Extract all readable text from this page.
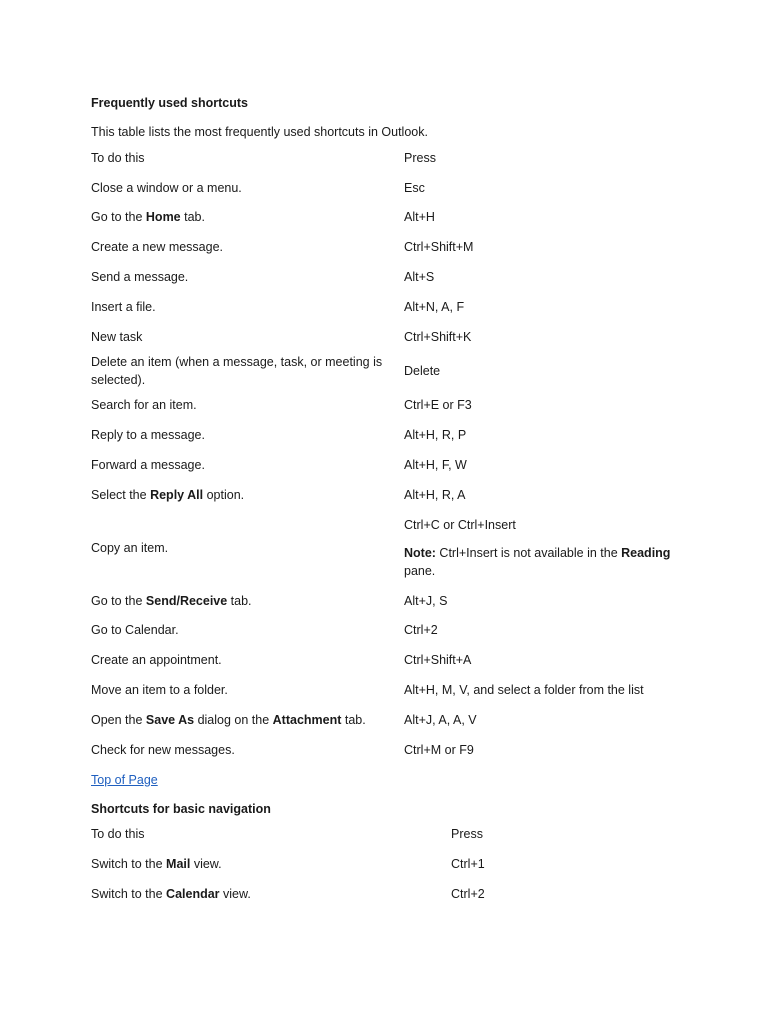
Frequently used shortcuts
This table lists the most frequently used shortcuts in Outlook.
To do this	Press
Close a window or a menu.	Esc
Go to the Home tab.	Alt+H
Create a new message.	Ctrl+Shift+M
Send a message.	Alt+S
Insert a file.	Alt+N, A, F
New task	Ctrl+Shift+K
Delete an item (when a message, task, or meeting is selected).	Delete
Search for an item.	Ctrl+E or F3
Reply to a message.	Alt+H, R, P
Forward a message.	Alt+H, F, W
Select the Reply All option.	Alt+H, R, A
Copy an item.	Ctrl+C or Ctrl+Insert
Note: Ctrl+Insert is not available in the Reading pane.

Go to the Send/Receive tab.	Alt+J, S
Go to Calendar.	Ctrl+2
Create an appointment.	Ctrl+Shift+A
Move an item to a folder.	Alt+H, M, V, and select a folder from the list
Open the Save As dialog on the Attachment tab.	Alt+J, A, A, V
Check for new messages.	Ctrl+M or F9
Top of Page
Shortcuts for basic navigation
To do this	Press
Switch to the Mail view.	Ctrl+1
Switch to the Calendar view.	Ctrl+2
